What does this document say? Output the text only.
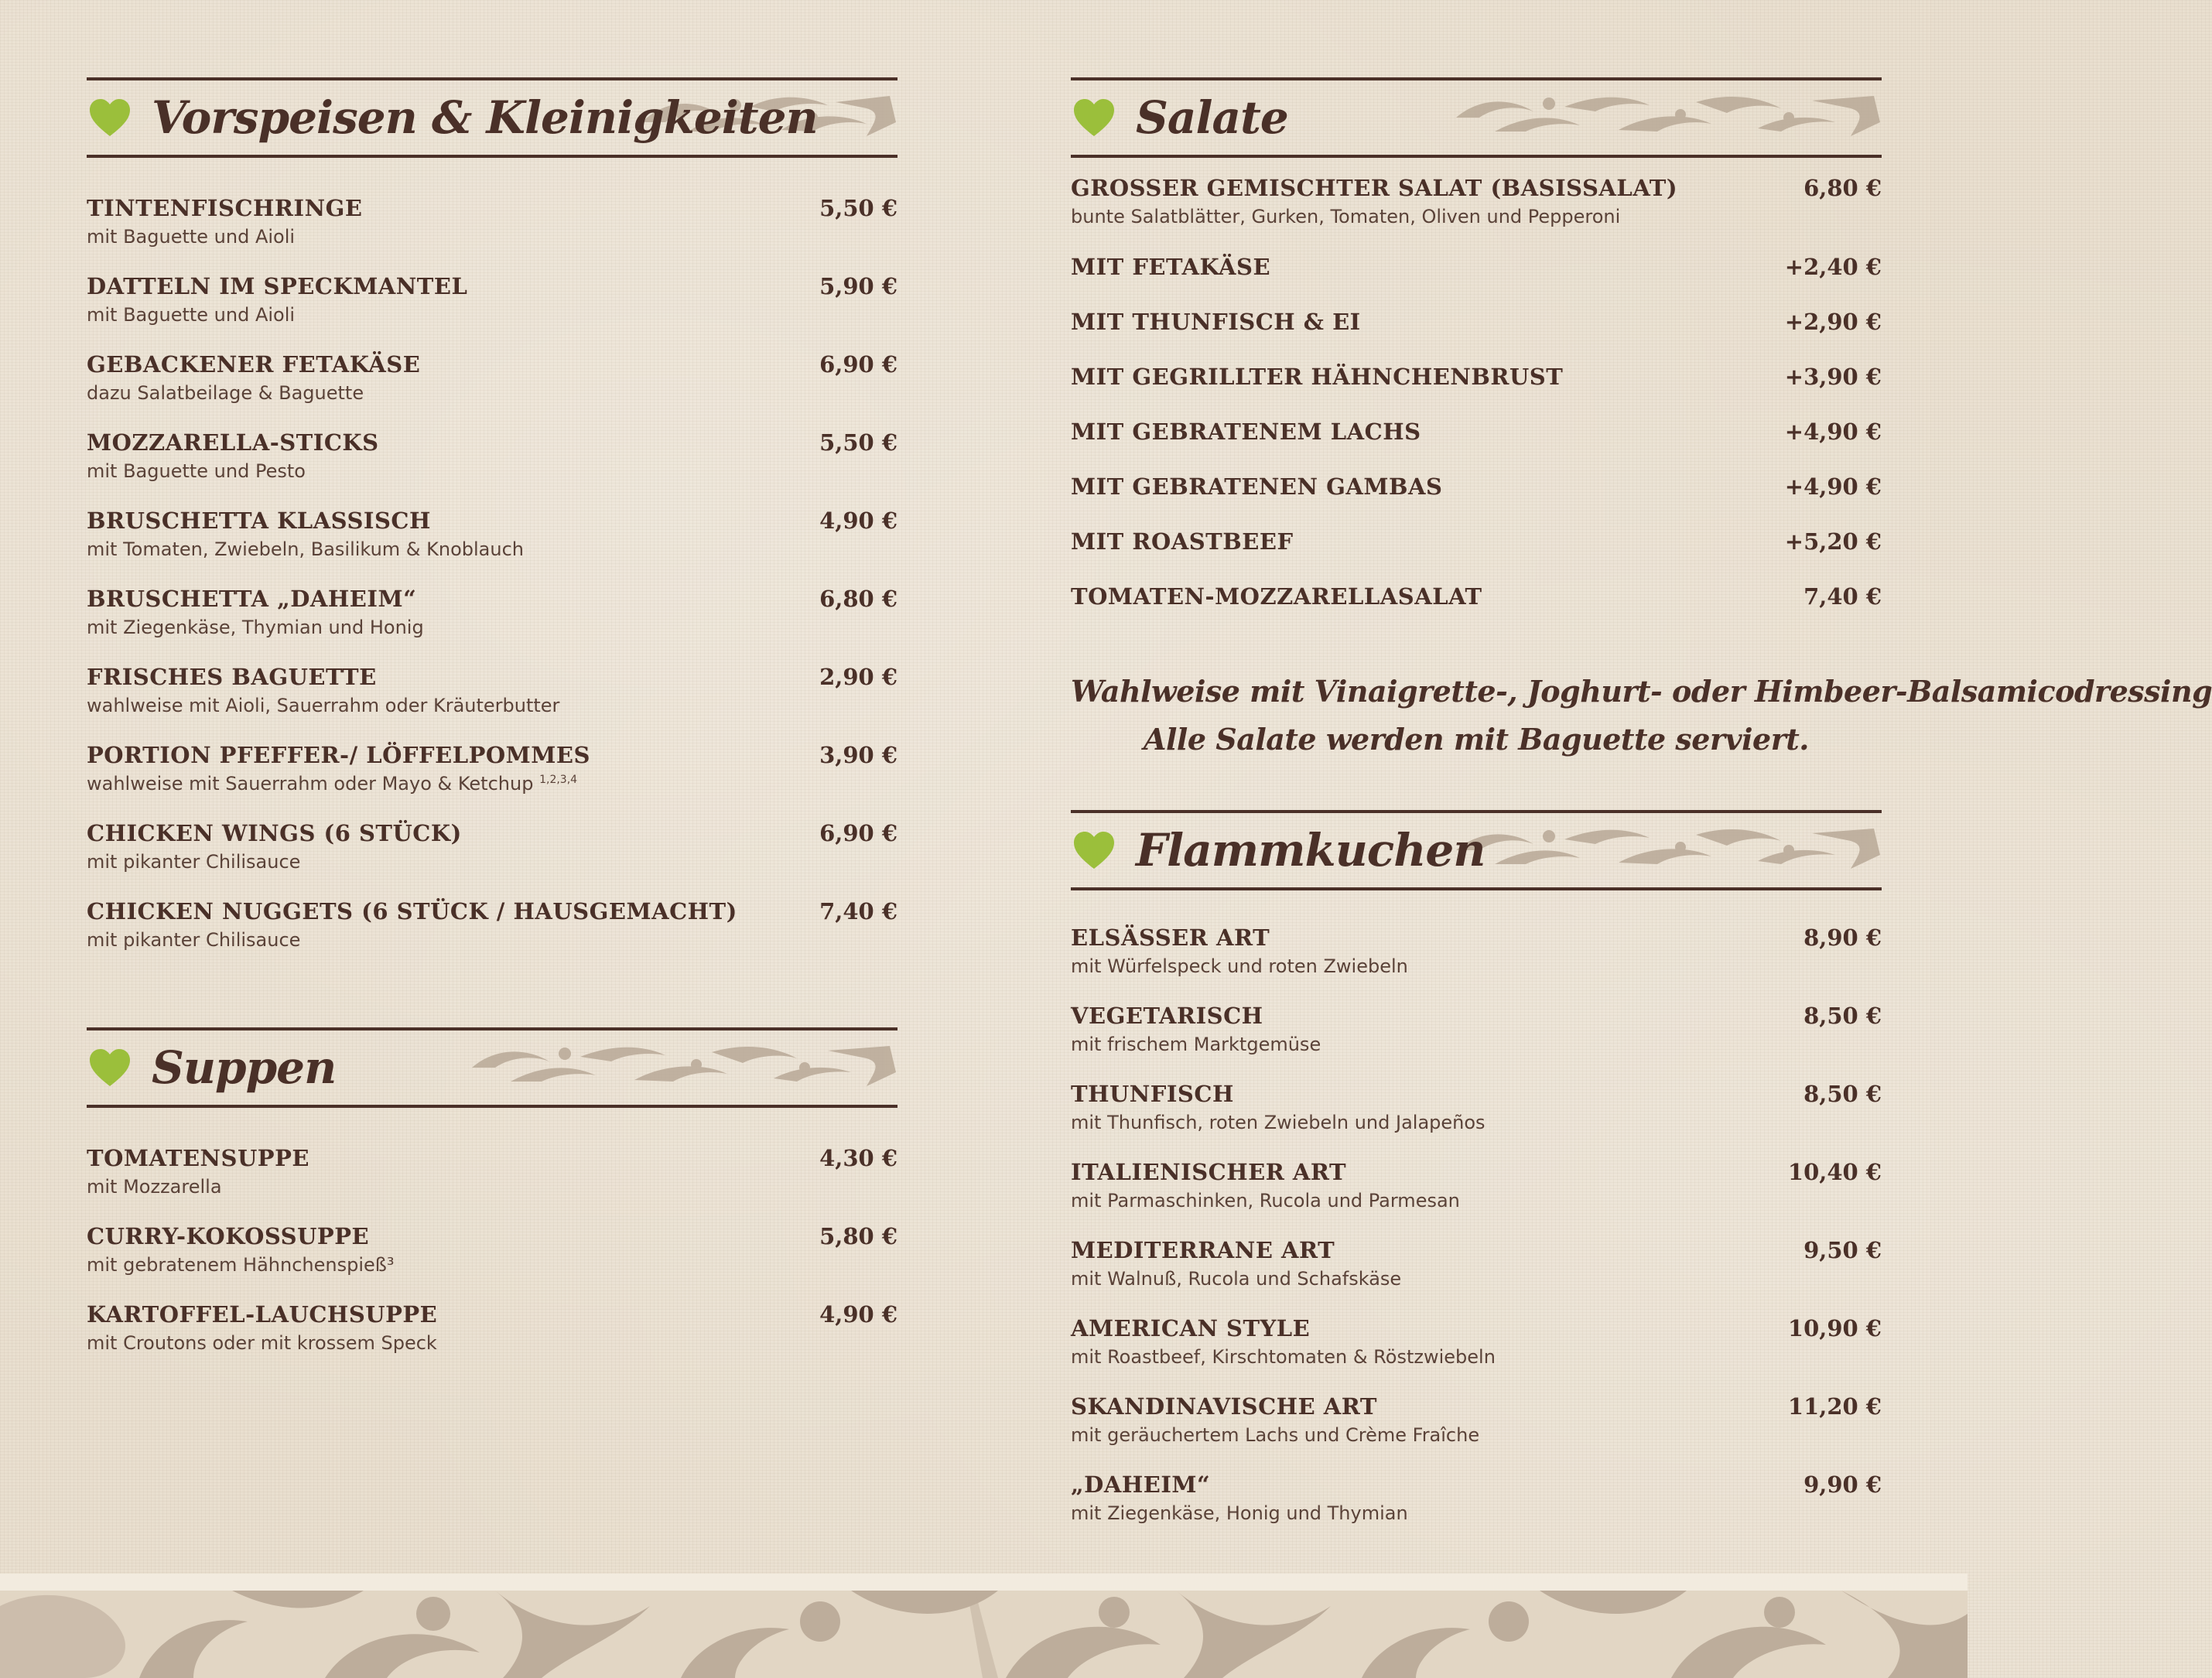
Vorspeisen & Kleinigkeiten
TINTENFISCHRINGE
mit Baguette und Aioli
5,50 €
DATTELN IM SPECKMANTEL
mit Baguette und Aioli
5,90 €
GEBACKENER FETAKÄSE
dazu Salatbeilage & Baguette
6,90 €
MOZZARELLA-STICKS
mit Baguette und Pesto
5,50 €
BRUSCHETTA KLASSISCH
mit Tomaten, Zwiebeln, Basilikum & Knoblauch
4,90 €
BRUSCHETTA „DAHEIM“
mit Ziegenkäse, Thymian und Honig
6,80 €
FRISCHES BAGUETTE
wahlweise mit Aioli, Sauerrahm oder Kräuterbutter
2,90 €
PORTION PFEFFER-/ LÖFFELPOMMES
wahlweise mit Sauerrahm oder Mayo & Ketchup $^{1,2,3,4}$
3,90 €
CHICKEN WINGS (6 STÜCK)
mit pikanter Chilisauce
6,90 €
CHICKEN NUGGETS (6 STÜCK / HAUSGEMACHT)
mit pikanter Chilisauce
7,40 €
Suppen
TOMATENSUPPE
mit Mozzarella
4,30 €
CURRY-KOKOSSUPPE
mit gebratenem Hähnchenspieß³
5,80 €
KARTOFFEL-LAUCHSUPPE
mit Croutons oder mit krossem Speck
4,90 €
Salate
GROSSER GEMISCHTER SALAT (BASISSALAT)
bunte Salatblätter, Gurken, Tomaten, Oliven und Pepperoni
6,80 €
MIT FETAKÄSE	+2,40 €
MIT THUNFISCH & EI	+2,90 €
MIT GEGRILLTER HÄHNCHENBRUST	+3,90 €
MIT GEBRATENEM LACHS	+4,90 €
MIT GEBRATENEN GAMBAS	+4,90 €
MIT ROASTBEEF	+5,20 €
TOMATEN-MOZZARELLASALAT	7,40 €
Wahlweise mit Vinaigrette-, Joghurt- oder Himbeer-Balsamicodressing
Alle Salate werden mit Baguette serviert.
Flammkuchen
ELSÄSSER ART
mit Würfelspeck und roten Zwiebeln
8,90 €
VEGETARISCH
mit frischem Marktgemüse
8,50 €
THUNFISCH
mit Thunfisch, roten Zwiebeln und Jalapeños
8,50 €
ITALIENISCHER ART
mit Parmaschinken, Rucola und Parmesan
10,40 €
MEDITERRANE ART
mit Walnuß, Rucola und Schafskäse
9,50 €
AMERICAN STYLE
mit Roastbeef, Kirschtomaten & Röstzwiebeln
10,90 €
SKANDINAVISCHE ART
mit geräuchertem Lachs und Crème Fraîche
11,20 €
„DAHEIM“
mit Ziegenkäse, Honig und Thymian
9,90 €
